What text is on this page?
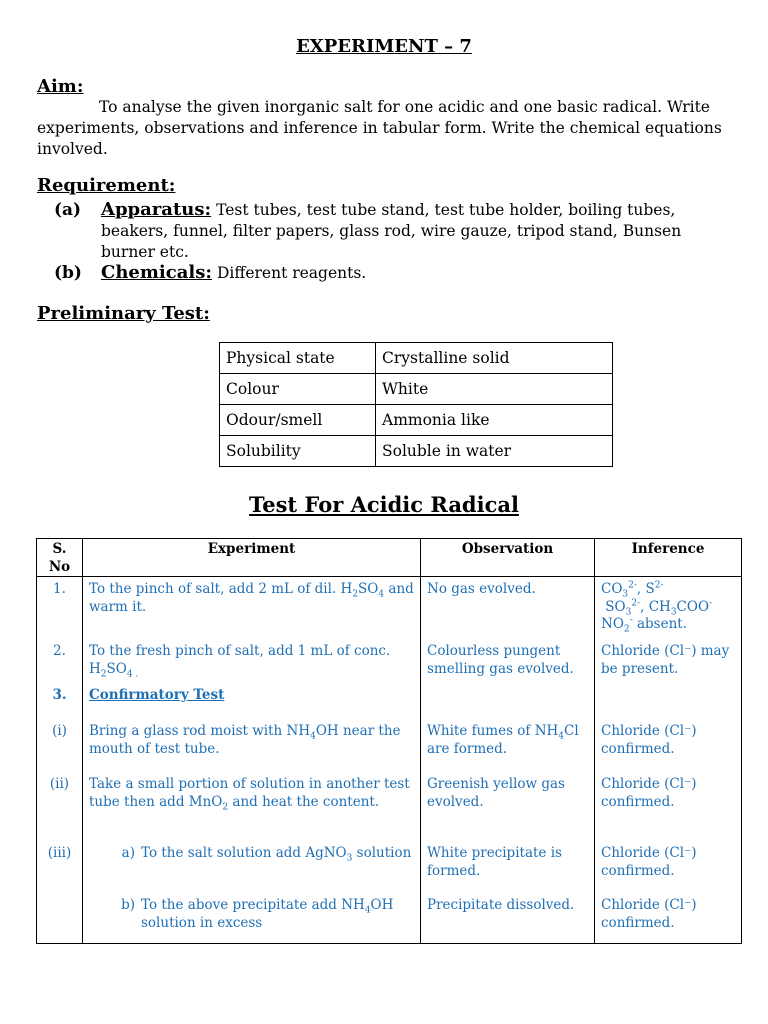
EXPERIMENT – 7
Aim:
To analyse the given inorganic salt for one acidic and one basic radical. Write experiments, observations and inference in tabular form. Write the chemical equations involved.
Requirement:
(a) Apparatus: Test tubes, test tube stand, test tube holder, boiling tubes,
beakers, funnel, filter papers, glass rod, wire gauze, tripod stand, Bunsen
burner etc.
(b) Chemicals: Different reagents.
Preliminary Test:
Physical state	Crystalline solid
Colour	White
Odour/smell	Ammonia like
Solubility	Soluble in water
Test For Acidic Radical
S. No	Experiment	Observation	Inference
1.	To the pinch of salt, add 2 mL of dil. $H_2SO_4$ and warm it.	No gas evolved.	$CO_3^{2-}$, $S^{2-}$
$SO_3^{2-}$, $CH_3COO^-$
$NO_2^-$ absent.
2.	To the fresh pinch of salt, add 1 mL of conc.
$H_2SO_{4 .}$	Colourless pungent smelling gas evolved.	Chloride (Cl⁻) may be present.
3.	Confirmatory Test		
(i)	Bring a glass rod moist with $NH_4OH$ near the mouth of test tube.	White fumes of $NH_4Cl$ are formed.	Chloride (Cl⁻) confirmed.
(ii)	Take a small portion of solution in another test tube then add MnO$_2$ and heat the content.	Greenish yellow gas evolved.	Chloride (Cl⁻) confirmed.
(iii)	a) To the salt solution add AgNO$_3$ solution	White precipitate is formed.	Chloride (Cl⁻) confirmed.

	b) To the above precipitate add $NH_4OH$ solution in excess	Precipitate dissolved.	Chloride (Cl⁻) confirmed.
